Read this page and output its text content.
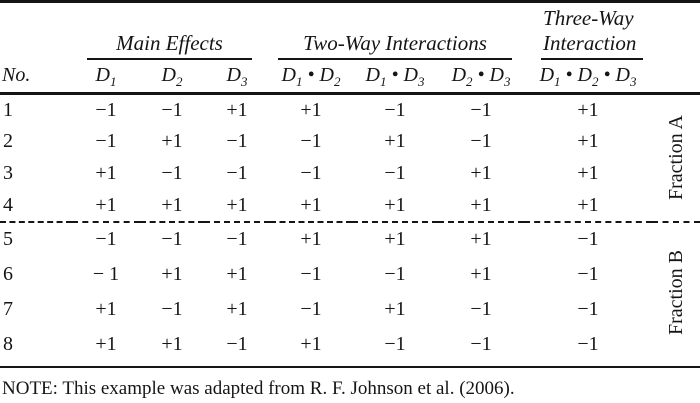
	Main Effects			Two-Way Interactions			Three-Way
Interaction	

No.	$D_1$	$D_2$	$D_3$	$D_1$ • $D_2$	$D_1$ • $D_3$	$D_2$ • $D_3$	$D_1$ • $D_2$ • $D_3$	
1	−1	−1	+1	+1	−1	−1	+1	Fraction A

2	−1	+1	−1	−1	+1	−1	+1	
3	+1	−1	−1	−1	−1	+1	+1	
4	+1	+1	+1	+1	+1	+1	+1	
5	−1	−1	−1	+1	+1	+1	−1	Fraction B

6	− 1	+1	+1	−1	−1	+1	−1	
7	+1	−1	+1	−1	+1	−1	−1	
8	+1	+1	−1	+1	−1	−1	−1	
NOTE: This example was adapted from R. F. Johnson et al. (2006).
